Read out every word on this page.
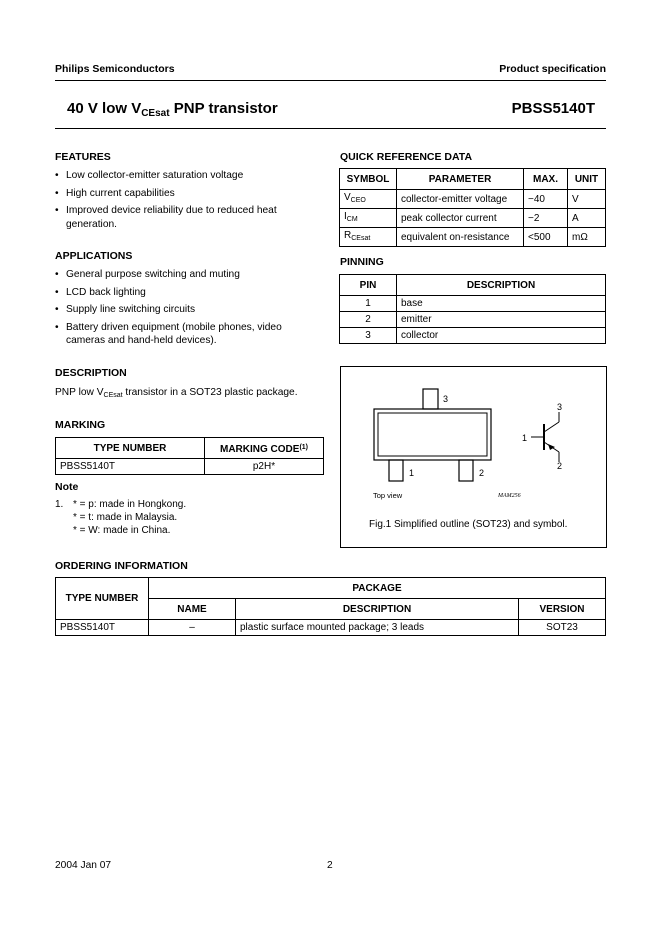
Philips Semiconductors	Product specification
40 V low $V_{CEsat}$ PNP transistor	PBSS5140T
FEATURES
• Low collector-emitter saturation voltage
• High current capabilities
• Improved device reliability due to reduced heat generation.
APPLICATIONS
• General purpose switching and muting
• LCD back lighting
• Supply line switching circuits
• Battery driven equipment (mobile phones, video cameras and hand-held devices).
DESCRIPTION
PNP low $V_{CEsat}$ transistor in a SOT23 plastic package.
MARKING
TYPE NUMBER	MARKING CODE$^{(1)}$
PBSS5140T	p2H*
Note
1. * = p: made in Hongkong.
* = t: made in Malaysia.
* = W: made in China.
QUICK REFERENCE DATA
SYMBOL	PARAMETER	MAX.	UNIT
$V_{CEO}$	collector-emitter voltage	−40	V
$I_{CM}$	peak collector current	−2	A
$R_{CEsat}$	equivalent on-resistance	<500	mΩ
PINNING
PIN	DESCRIPTION
1	base
2	emitter
3	collector
3
1	2
3
1
2
Top view	MAM256
Fig.1 Simplified outline (SOT23) and symbol.
ORDERING INFORMATION
TYPE NUMBER	PACKAGE		
	NAME	DESCRIPTION	VERSION
PBSS5140T	–	plastic surface mounted package; 3 leads	SOT23
2004 Jan 07	2
